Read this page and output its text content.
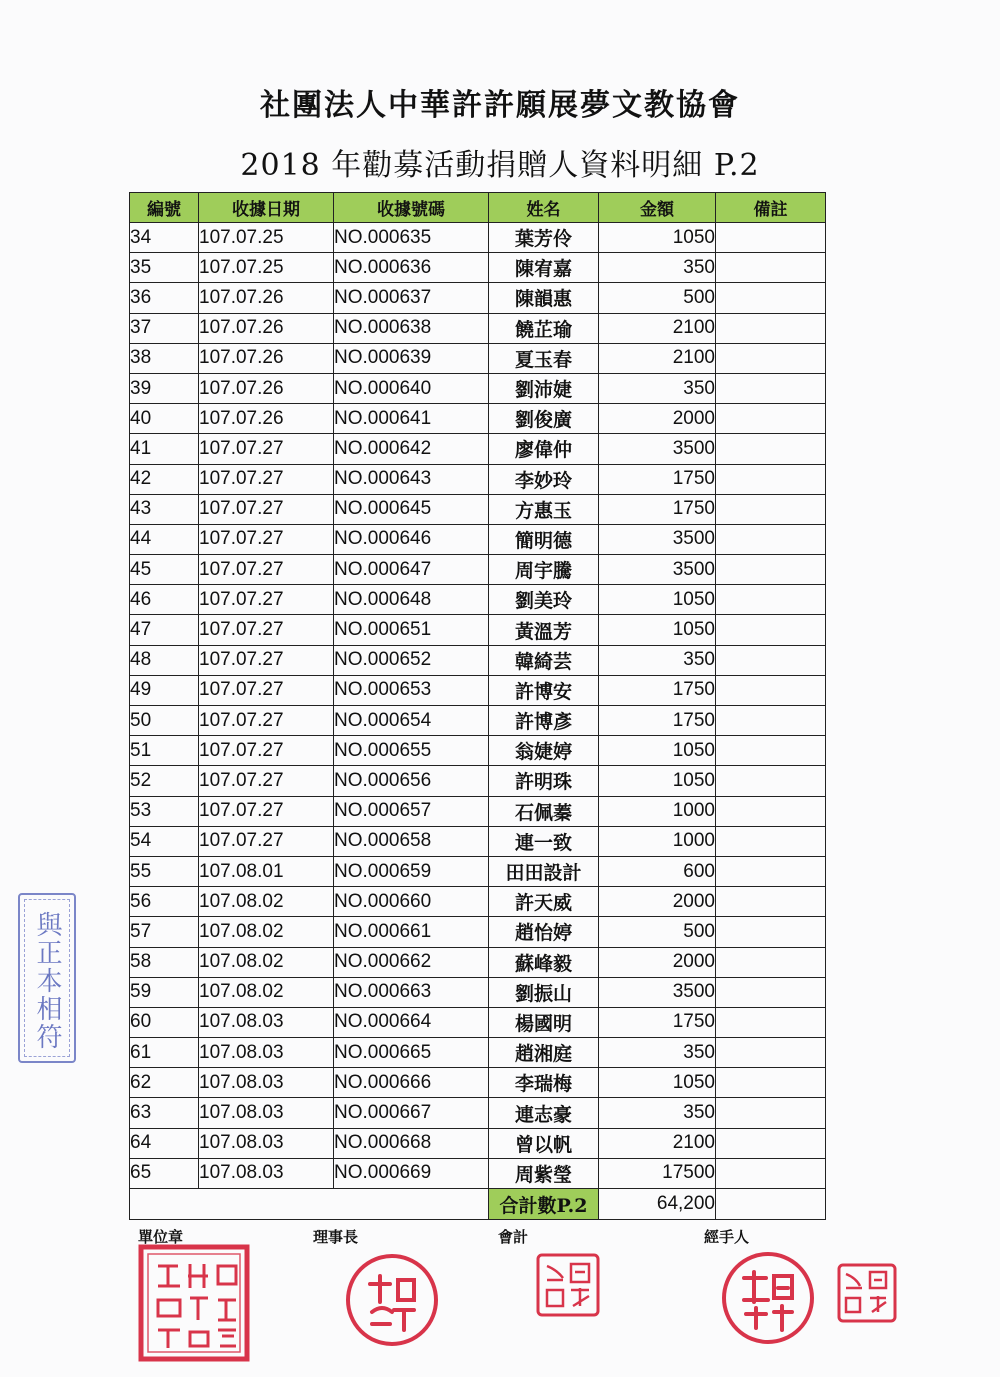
社團法人中華許許願展夢文教協會
2018 年勸募活動捐贈人資料明細 P.2
編號	收據日期	收據號碼	姓名	金額	備註
34	107.07.25	NO.000635	葉芳伶	1050	
35	107.07.25	NO.000636	陳宥嘉	350	
36	107.07.26	NO.000637	陳韻惠	500	
37	107.07.26	NO.000638	饒芷瑜	2100	
38	107.07.26	NO.000639	夏玉春	2100	
39	107.07.26	NO.000640	劉沛婕	350	
40	107.07.26	NO.000641	劉俊廣	2000	
41	107.07.27	NO.000642	廖偉仲	3500	
42	107.07.27	NO.000643	李妙玲	1750	
43	107.07.27	NO.000645	方惠玉	1750	
44	107.07.27	NO.000646	簡明德	3500	
45	107.07.27	NO.000647	周宇騰	3500	
46	107.07.27	NO.000648	劉美玲	1050	
47	107.07.27	NO.000651	黃溫芳	1050	
48	107.07.27	NO.000652	韓綺芸	350	
49	107.07.27	NO.000653	許博安	1750	
50	107.07.27	NO.000654	許博彥	1750	
51	107.07.27	NO.000655	翁婕婷	1050	
52	107.07.27	NO.000656	許明珠	1050	
53	107.07.27	NO.000657	石佩蓁	1000	
54	107.07.27	NO.000658	連一致	1000	
55	107.08.01	NO.000659	田田設計	600	
56	107.08.02	NO.000660	許天威	2000	
57	107.08.02	NO.000661	趙怡婷	500	
58	107.08.02	NO.000662	蘇峰毅	2000	
59	107.08.02	NO.000663	劉振山	3500	
60	107.08.03	NO.000664	楊國明	1750	
61	107.08.03	NO.000665	趙湘庭	350	
62	107.08.03	NO.000666	李瑞梅	1050	
63	107.08.03	NO.000667	連志豪	350	
64	107.08.03	NO.000668	曾以帆	2100	
65	107.08.03	NO.000669	周紫瑩	17500	
			合計數P.2	64,200	
單位章	理事長	會計	經手人
與正本相符
